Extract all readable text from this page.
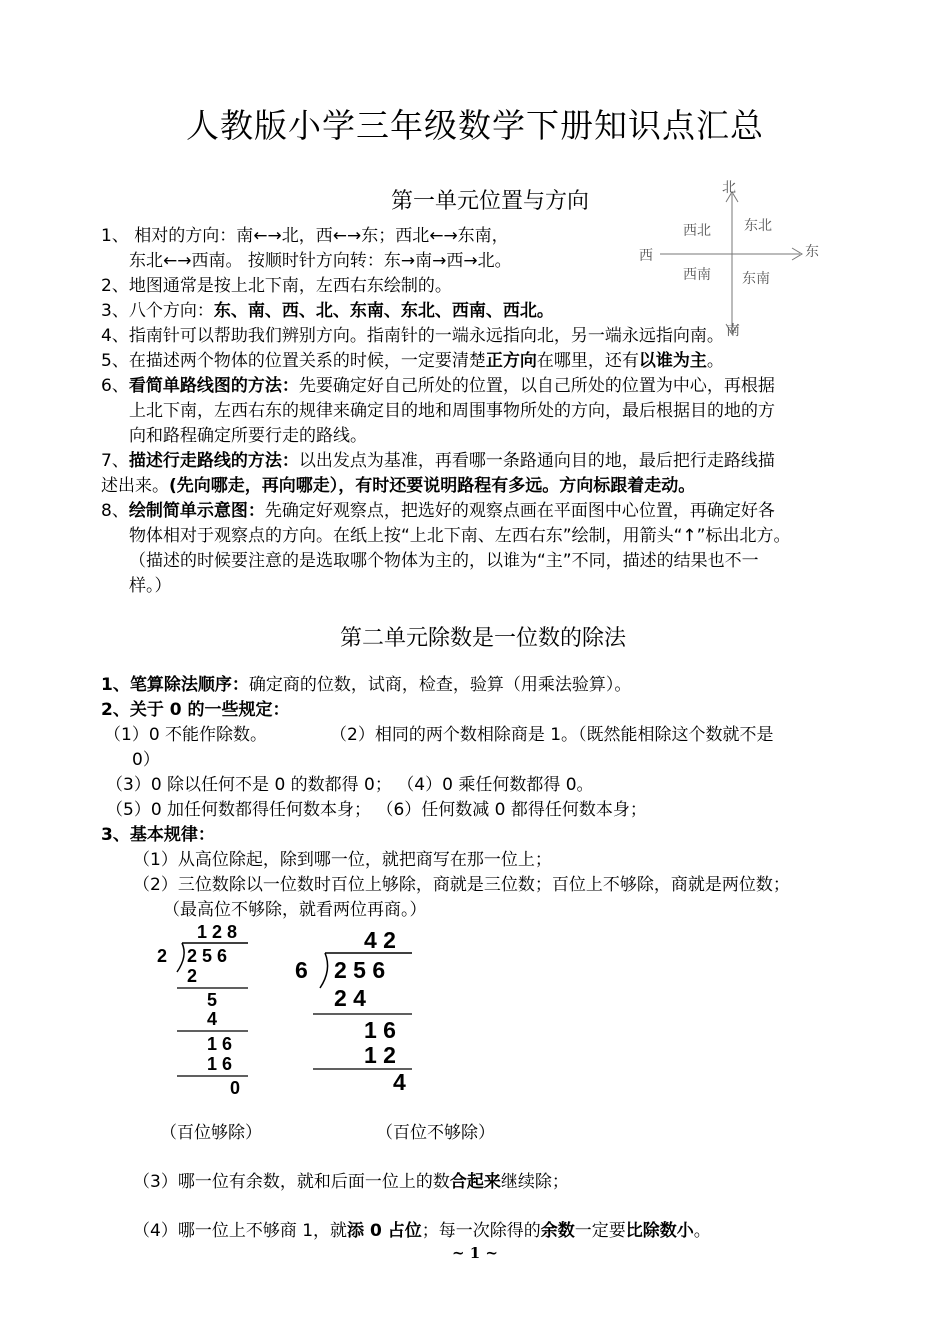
人教版小学三年级数学下册知识点汇总
第一单元位置与方向
北
西北 东北
西	东
西南 东南
南
1、 相对的方向：南←→北，西←→东；西北←→东南，
东北←→西南。 按顺时针方向转：东→南→西→北。
2、地图通常是按上北下南，左西右东绘制的。
3、八个方向：东、南、西、北、东南、东北、西南、西北。
4、指南针可以帮助我们辨别方向。指南针的一端永远指向北，另一端永远指向南。
5、在描述两个物体的位置关系的时候，一定要清楚正方向在哪里，还有以谁为主。
6、看简单路线图的方法：先要确定好自己所处的位置，以自己所处的位置为中心，再根据
上北下南，左西右东的规律来确定目的地和周围事物所处的方向，最后根据目的地的方
向和路程确定所要行走的路线。
7、描述行走路线的方法：以出发点为基准，再看哪一条路通向目的地，最后把行走路线描
述出来。(先向哪走，再向哪走），有时还要说明路程有多远。方向标跟着走动。
8、绘制简单示意图：先确定好观察点，把选好的观察点画在平面图中心位置，再确定好各
物体相对于观察点的方向。在纸上按“上北下南、左西右东”绘制，用箭头“↑”标出北方。
（描述的时候要注意的是选取哪个物体为主的，以谁为“主”不同，描述的结果也不一
样。）
第二单元除数是一位数的除法
1、笔算除法顺序：确定商的位数，试商，检查，验算（用乘法验算）。
2、关于 0 的一些规定：
（1）0 不能作除数。	（2）相同的两个数相除商是 1。（既然能相除这个数就不是
0）
（3）0 除以任何不是 0 的数都得 0； （4）0 乘任何数都得 0。
（5）0 加任何数都得任何数本身； （6）任何数减 0 都得任何数本身；
3、基本规律：
（1）从高位除起，除到哪一位，就把商写在那一位上；
（2）三位数除以一位数时百位上够除，商就是三位数；百位上不够除，商就是两位数；
（最高位不够除，就看两位再商。）
1 2 8
2 2 5 6
2
5
4
1 6
1 6
0
4 2
6 2 5 6
2 4
1 6
1 2
4
（百位够除）	（百位不够除）
（3）哪一位有余数，就和后面一位上的数合起来继续除；
（4）哪一位上不够商 1，就添 0 占位；每一次除得的余数一定要比除数小。
~ 1 ~
